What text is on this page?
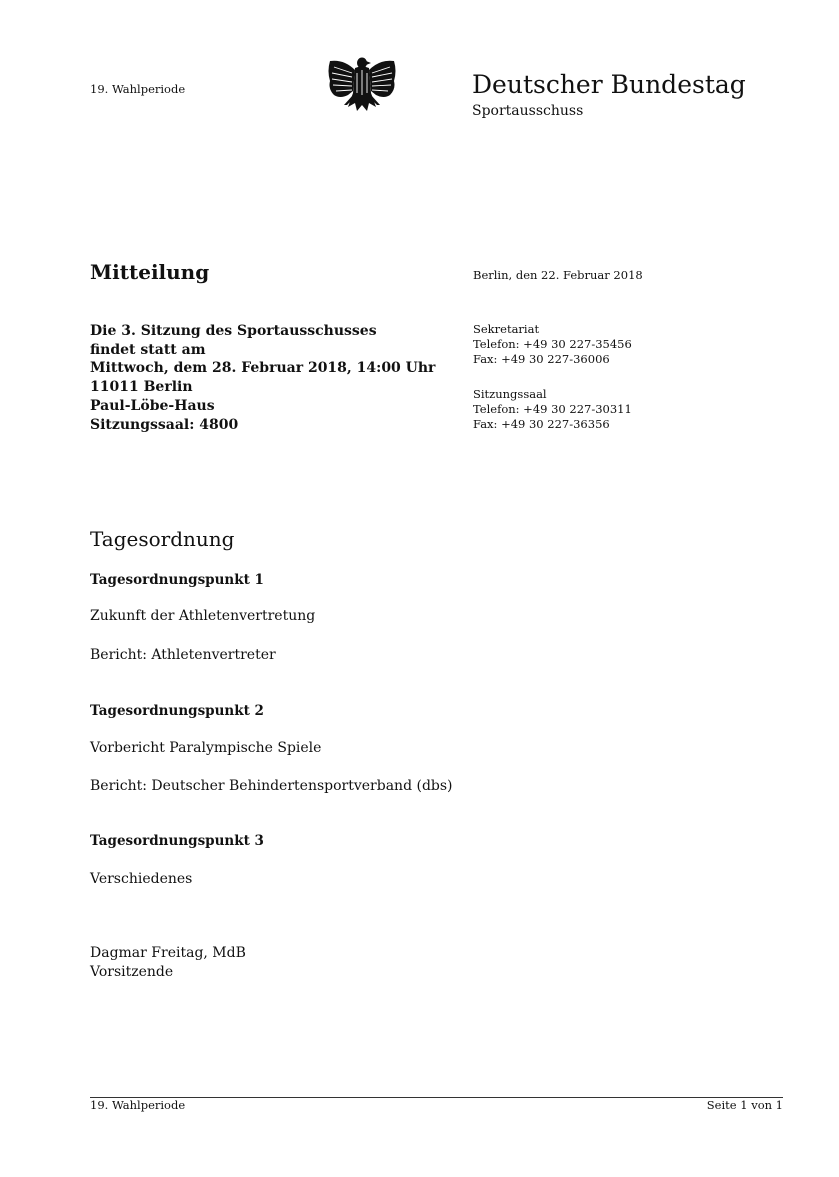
19. Wahlperiode	Deutscher Bundestag
Sportausschuss
Mitteilung	Berlin, den 22. Februar 2018
Die 3. Sitzung des Sportausschusses
findet statt am
Mittwoch, dem 28. Februar 2018, 14:00 Uhr
11011 Berlin
Paul-Löbe-Haus
Sitzungssaal: 4800
Sekretariat
Telefon: +49 30 227-35456
Fax: +49 30 227-36006
Sitzungssaal
Telefon: +49 30 227-30311
Fax: +49 30 227-36356
Tagesordnung
Tagesordnungspunkt 1
Zukunft der Athletenvertretung
Bericht: Athletenvertreter
Tagesordnungspunkt 2
Vorbericht Paralympische Spiele
Bericht: Deutscher Behindertensportverband (dbs)
Tagesordnungspunkt 3
Verschiedenes
Dagmar Freitag, MdB
Vorsitzende
19. Wahlperiode	Seite 1 von 1
